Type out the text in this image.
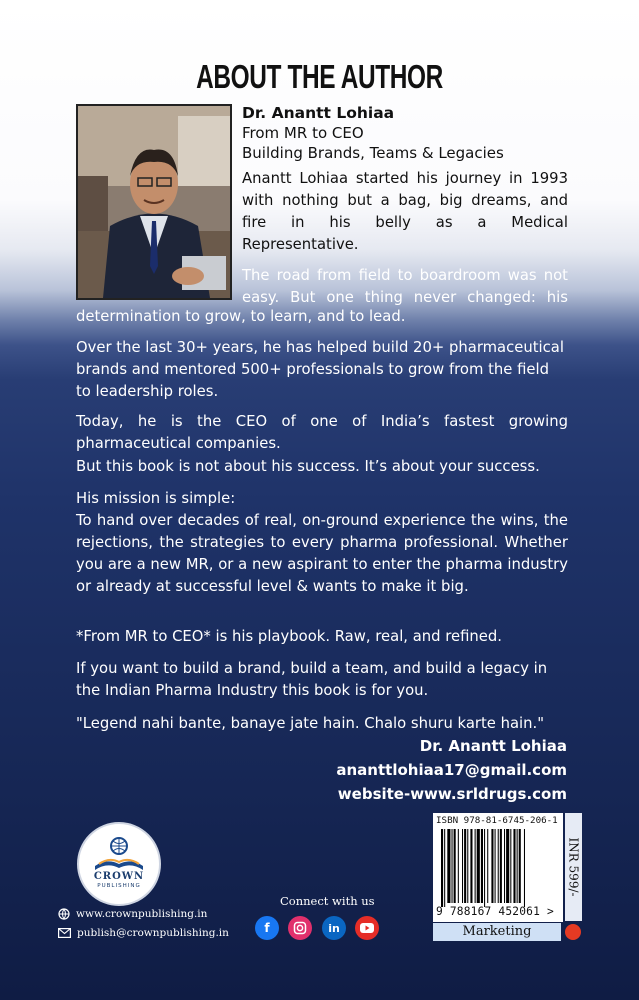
ABOUT THE AUTHOR
Dr. Anantt Lohiaa
From MR to CEO
Building Brands, Teams & Legacies
Anantt Lohiaa started his journey in 1993 with nothing but a bag, big dreams, and fire in his belly as a Medical Representative.
The road from field to boardroom was not easy. But one thing never changed: his
determination to grow, to learn, and to lead.
Over the last 30+ years, he has helped build 20+ pharmaceutical brands and mentored 500+ professionals to grow from the field to leadership roles.
Today, he is the CEO of one of India’s fastest growing pharmaceutical companies.
But this book is not about his success. It’s about your success.
His mission is simple:
To hand over decades of real, on-ground experience the wins, the rejections, the strategies to every pharma professional. Whether you are a new MR, or a new aspirant to enter the pharma industry or already at successful level & wants to make it big.
*From MR to CEO* is his playbook. Raw, real, and refined.
If you want to build a brand, build a team, and build a legacy in the Indian Pharma Industry this book is for you.
"Legend nahi bante, banaye jate hain. Chalo shuru karte hain."
Dr. Anantt Lohiaa
ananttlohiaa17@gmail.com
website-www.srldrugs.com
CROWN
PUBLISHING
www.crownpublishing.in
publish@crownpublishing.in
Connect with us
f	in
ISBN 978-81-6745-206-1
9 788167 452061 >
INR 599/-
Marketing
